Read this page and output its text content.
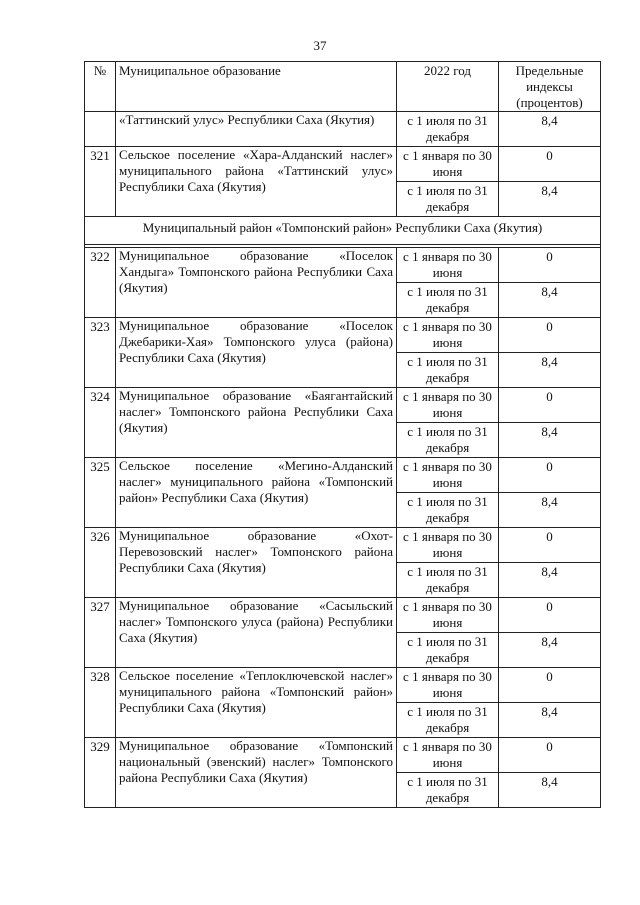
37
№	Муниципальное образование	2022 год	Предельные индексы (процентов)
	«Таттинский улус» Республики Саха (Якутия)	с 1 июля по 31 декабря	8,4
321	Сельское поселение «Хара-Алданский наслег» муниципального района «Таттинский улус» Республики Саха (Якутия)	с 1 января по 30 июня	0
		с 1 июля по 31 декабря	8,4
Муниципальный район «Томпонский район» Республики Саха (Якутия)			

322	Муниципальное образование «Поселок Хандыга» Томпонского района Республики Саха (Якутия)	с 1 января по 30 июня	0
		с 1 июля по 31 декабря	8,4
323	Муниципальное образование «Поселок Джебарики-Хая» Томпонского улуса (района) Республики Саха (Якутия)	с 1 января по 30 июня	0
		с 1 июля по 31 декабря	8,4
324	Муниципальное образование «Баягантайский наслег» Томпонского района Республики Саха (Якутия)	с 1 января по 30 июня	0
		с 1 июля по 31 декабря	8,4
325	Сельское поселение «Мегино-Алданский наслег» муниципального района «Томпонский район» Республики Саха (Якутия)	с 1 января по 30 июня	0
		с 1 июля по 31 декабря	8,4
326	Муниципальное образование «Охот-Перевозовский наслег» Томпонского района Республики Саха (Якутия)	с 1 января по 30 июня	0
		с 1 июля по 31 декабря	8,4
327	Муниципальное образование «Сасыльский наслег» Томпонского улуса (района) Республики Саха (Якутия)	с 1 января по 30 июня	0
		с 1 июля по 31 декабря	8,4
328	Сельское поселение «Теплоключевской наслег» муниципального района «Томпонский район» Республики Саха (Якутия)	с 1 января по 30 июня	0
		с 1 июля по 31 декабря	8,4
329	Муниципальное образование «Томпонский национальный (эвенский) наслег» Томпонского района Республики Саха (Якутия)	с 1 января по 30 июня	0
		с 1 июля по 31 декабря	8,4
